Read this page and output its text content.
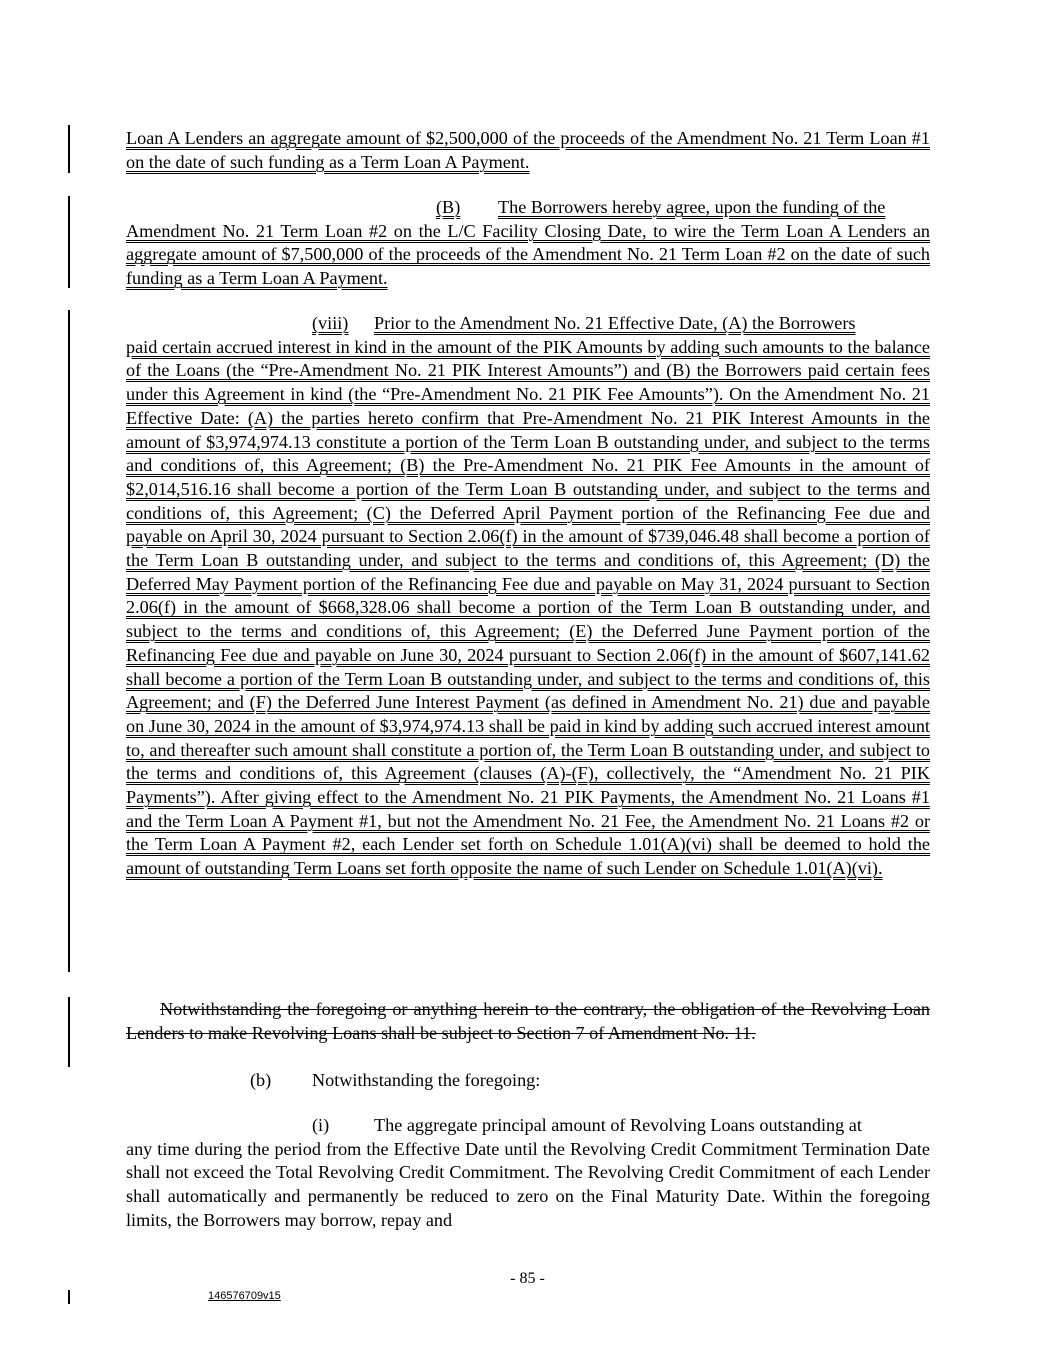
Loan A Lenders an aggregate amount of $2,500,000 of the proceeds of the Amendment No. 21 Term Loan #1 on the date of such funding as a Term Loan A Payment.

(B) The Borrowers hereby agree, upon the funding of the
Amendment No. 21 Term Loan #2 on the L/C Facility Closing Date, to wire the Term Loan A Lenders an aggregate amount of $7,500,000 of the proceeds of the Amendment No. 21 Term Loan #2 on the date of such funding as a Term Loan A Payment.

(viii) Prior to the Amendment No. 21 Effective Date, (A) the Borrowers
paid certain accrued interest in kind in the amount of the PIK Amounts by adding such amounts to the balance of the Loans (the “Pre-Amendment No. 21 PIK Interest Amounts”) and (B) the Borrowers paid certain fees under this Agreement in kind (the “Pre-Amendment No. 21 PIK Fee Amounts”). On the Amendment No. 21 Effective Date: (A) the parties hereto confirm that Pre-Amendment No. 21 PIK Interest Amounts in the amount of $3,974,974.13 constitute a portion of the Term Loan B outstanding under, and subject to the terms and conditions of, this Agreement; (B) the Pre-Amendment No. 21 PIK Fee Amounts in the amount of $2,014,516.16 shall become a portion of the Term Loan B outstanding under, and subject to the terms and conditions of, this Agreement; (C) the Deferred April Payment portion of the Refinancing Fee due and payable on April 30, 2024 pursuant to Section 2.06(f) in the amount of $739,046.48 shall become a portion of the Term Loan B outstanding under, and subject to the terms and conditions of, this Agreement; (D) the Deferred May Payment portion of the Refinancing Fee due and payable on May 31, 2024 pursuant to Section 2.06(f) in the amount of $668,328.06 shall become a portion of the Term Loan B outstanding under, and subject to the terms and conditions of, this Agreement; (E) the Deferred June Payment portion of the Refinancing Fee due and payable on June 30, 2024 pursuant to Section 2.06(f) in the amount of $607,141.62 shall become a portion of the Term Loan B outstanding under, and subject to the terms and conditions of, this Agreement; and (F) the Deferred June Interest Payment (as defined in Amendment No. 21) due and payable on June 30, 2024 in the amount of $3,974,974.13 shall be paid in kind by adding such accrued interest amount to, and thereafter such amount shall constitute a portion of, the Term Loan B outstanding under, and subject to the terms and conditions of, this Agreement (clauses (A)-(F), collectively, the “Amendment No. 21 PIK Payments”). After giving effect to the Amendment No. 21 PIK Payments, the Amendment No. 21 Loans #1 and the Term Loan A Payment #1, but not the Amendment No. 21 Fee, the Amendment No. 21 Loans #2 or the Term Loan A Payment #2, each Lender set forth on Schedule 1.01(A)(vi) shall be deemed to hold the amount of outstanding Term Loans set forth opposite the name of such Lender on Schedule 1.01(A)(vi).

Notwithstanding the foregoing or anything herein to the contrary, the obligation of the Revolving Loan Lenders to make Revolving Loans shall be subject to Section 7 of Amendment No. 11.

(b) Notwithstanding the foregoing:

(i) The aggregate principal amount of Revolving Loans outstanding at
any time during the period from the Effective Date until the Revolving Credit Commitment Termination Date shall not exceed the Total Revolving Credit Commitment. The Revolving Credit Commitment of each Lender shall automatically and permanently be reduced to zero on the Final Maturity Date. Within the foregoing limits, the Borrowers may borrow, repay and

- 85 -
146576709v15
